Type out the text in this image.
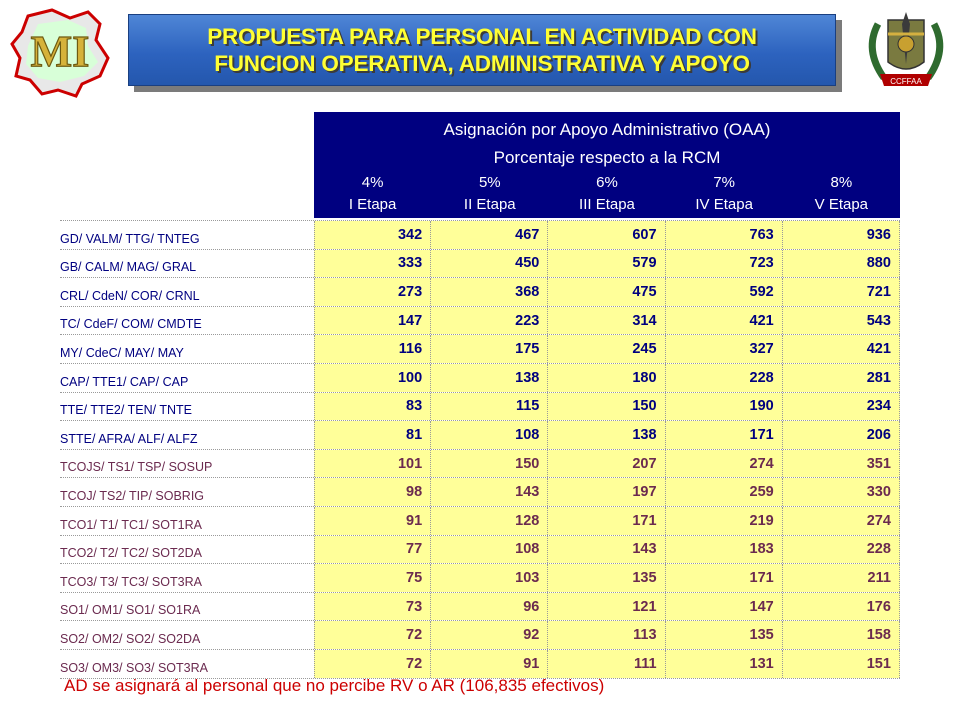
MI	PROPUESTA PARA PERSONAL EN ACTIVIDAD CON
FUNCION OPERATIVA, ADMINISTRATIVA Y APOYO
CCFFAA
Asignación por Apoyo Administrativo (OAA)
Porcentaje respecto a la RCM
4%	5%	6%	7%	8%
I Etapa	II Etapa	III Etapa	IV Etapa	V Etapa
GD/ VALM/ TTG/ TNTEG	342	467	607	763	936
GB/ CALM/ MAG/ GRAL	333	450	579	723	880
CRL/ CdeN/ COR/ CRNL	273	368	475	592	721
TC/ CdeF/ COM/ CMDTE	147	223	314	421	543
MY/ CdeC/ MAY/ MAY	116	175	245	327	421
CAP/ TTE1/ CAP/ CAP	100	138	180	228	281
TTE/ TTE2/ TEN/ TNTE	83	115	150	190	234
STTE/ AFRA/ ALF/ ALFZ	81	108	138	171	206
TCOJS/ TS1/ TSP/ SOSUP	101	150	207	274	351
TCOJ/ TS2/ TIP/ SOBRIG	98	143	197	259	330
TCO1/ T1/ TC1/ SOT1RA	91	128	171	219	274
TCO2/ T2/ TC2/ SOT2DA	77	108	143	183	228
TCO3/ T3/ TC3/ SOT3RA	75	103	135	171	211
SO1/ OM1/ SO1/ SO1RA	73	96	121	147	176
SO2/ OM2/ SO2/ SO2DA	72	92	113	135	158
SO3/ OM3/ SO3/ SOT3RA	72	91	111	131	151
AD se asignará al personal que no percibe RV o AR (106,835 efectivos)
